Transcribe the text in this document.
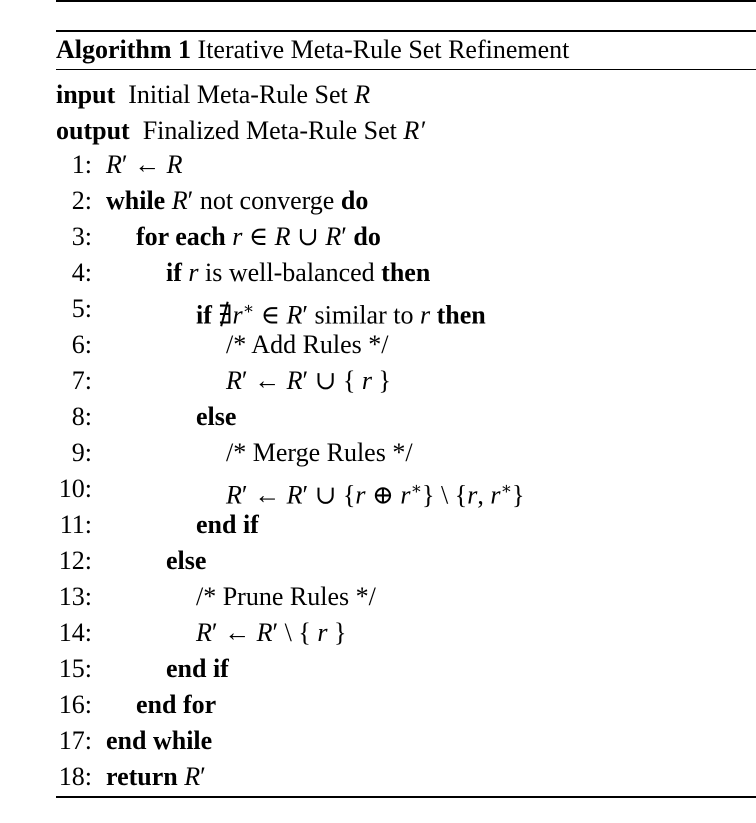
Algorithm 1 Iterative Meta-Rule Set Refinement
input Initial Meta-Rule Set R
output Finalized Meta-Rule Set R′
1: R′ ← R
2: while R′ not converge do
3: for each r ∈ R ∪ R′ do
4:	if r is well-balanced then
5:	if ∄r∗ ∈ R′ similar to r then
6:	/* Add Rules */
7:	R′ ← R′ ∪ { r }
8:	else
9:	/* Merge Rules */
10:	R′ ← R′ ∪ {r ⊕ r∗} \ {r, r∗}
11:	end if
12:	else
13:	/* Prune Rules */
14:	R′ ← R′ \ { r }
15:	end if
16: end for
17: end while
18: return R′
